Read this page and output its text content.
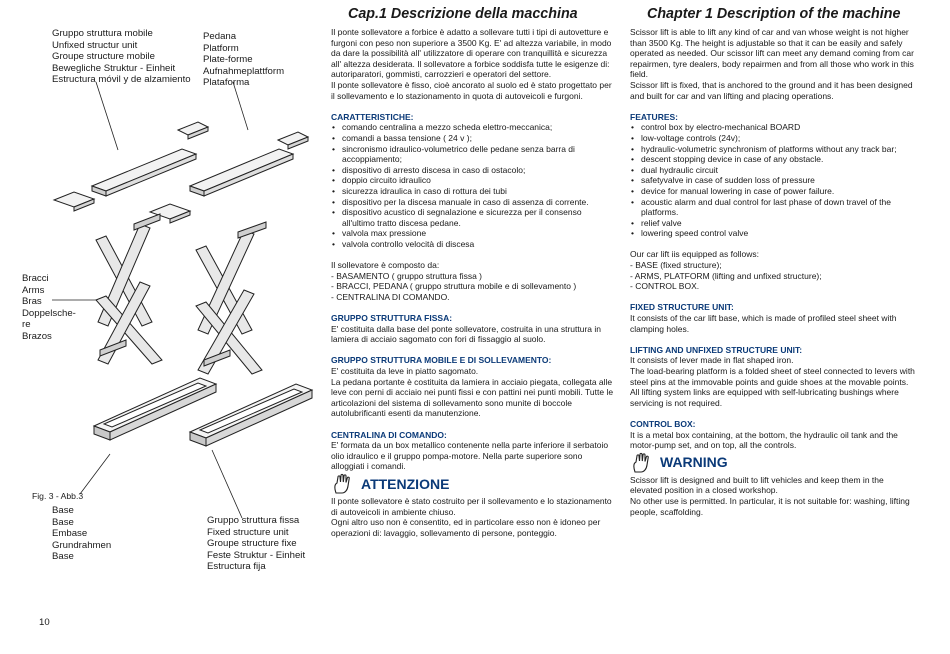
Gruppo struttura mobile
Unfixed structur unit
Groupe structure mobile
Bewegliche Struktur - Einheit
Estructura móvil y de alzamiento
Pedana
Platform
Plate-forme
Aufnahmeplattform
Plataforma
Bracci
Arms
Bras
Doppelsche-
re
Brazos
Fig. 3 - Abb.3
Base
Base
Embase
Grundrahmen
Base
Gruppo struttura fissa
Fixed structure unit
Groupe structure fixe
Feste Struktur - Einheit
Estructura fija
10
Cap.1 Descrizione della macchina

Il ponte sollevatore a forbice è adatto a sollevare tutti i tipi di autovetture e furgoni con peso non superiore a 3500 Kg. E' ad altezza variabile, in modo da dare la possibilità all' utilizzatore di operare con tranquillità e sicurezza all' altezza desiderata. Il sollevatore a forbice soddisfa tutte le esigenze di: autoriparatori, gommisti, carrozzieri e operatori del settore.

Il ponte sollevatore è fisso, cioè ancorato al suolo ed è stato progettato per il sollevamento e lo stazionamento in quota di autoveicoli e furgoni.

CARATTERISTICHE:

• comando centralina a mezzo scheda elettro-meccanica;
• comandi a bassa tensione ( 24 v );
• sincronismo idraulico-volumetrico delle pedane senza barra di accoppiamento;
• dispositivo di arresto discesa in caso di ostacolo;
• doppio circuito idraulico
• sicurezza idraulica in caso di rottura dei tubi
• dispositivo per la discesa manuale in caso di assenza di corrente.
• dispositivo acustico di segnalazione e sicurezza per il consenso all'ultimo tratto discesa pedane.
• valvola max pressione
• valvola controllo velocità di discesa

Il sollevatore è composto da:

- BASAMENTO ( gruppo struttura fissa )

- BRACCI, PEDANA ( gruppo struttura mobile e di sollevamento )

- CENTRALINA DI COMANDO.

GRUPPO STRUTTURA FISSA:

E' costituita dalla base del ponte sollevatore, costruita in una struttura in lamiera di acciaio sagomato con fori di fissaggio al suolo.

GRUPPO STRUTTURA MOBILE E DI SOLLEVAMENTO:

E' costituita da leve in piatto sagomato.

La pedana portante è costituita da lamiera in acciaio piegata, collegata alle leve con perni di acciaio nei punti fissi e con pattini nei punti mobili. Tutte le articolazioni del sistema di sollevamento sono munite di boccole autolubrificanti esenti da manutenzione.

CENTRALINA DI COMANDO:

E' formata da un box metallico contenente nella parte inferiore il serbatoio olio idraulico e il gruppo pompa-motore. Nella parte superiore sono alloggiati i comandi.

ATTENZIONE

Il ponte sollevatore è stato costruito per il sollevamento e lo stazionamento di autoveicoli in ambiente chiuso.

Ogni altro uso non è consentito, ed in particolare esso non è idoneo per operazioni di: lavaggio, sollevamento di persone, ponteggio.

Chapter 1 Description of the machine

Scissor lift is able to lift any kind of car and van whose weight is not higher than 3500 Kg. The height is adjustable so that it can be easily and safely operated as needed. Our scissor lift can meet any demand coming from car repairmen, tyre dealers, body repairmen and from all those who work in this field.

Scissor lift is fixed, that is anchored to the ground and it has been designed and built for car and van lifting and placing operations.

FEATURES:

• control box by electro-mechanical BOARD
• low-voltage controls (24v);
• hydraulic-volumetric synchronism of platforms without any track bar;
• descent stopping device in case of any obstacle.
• dual hydraulic circuit
• safetyvalve in case of sudden loss of pressure
• device for manual lowering in case of power failure.
• acoustic alarm and dual control for last phase of down travel of the platforms.
• relief valve
• lowering speed control valve

Our car lift iis equipped as follows:

- BASE (fixed structure);

- ARMS, PLATFORM (lifting and unfixed structure);

- CONTROL BOX.

FIXED STRUCTURE UNIT:

It consists of the car lift base, which is made of profiled steel sheet with clamping holes.

LIFTING AND UNFIXED STRUCTURE UNIT:

It consists of lever made in flat shaped iron.

The load-bearing platform is a folded sheet of steel connected to levers with steel pins at the immovable points and guide shoes at the movable points.

All lifting system links are equipped with self-lubricating bushings where servicing is not required.

CONTROL BOX:

It is a metal box containing, at the bottom, the hydraulic oil tank and the motor-pump set, and on top, all the controls.

WARNING

Scissor lift is designed and built to lift vehicles and keep them in the elevated position in a closed workshop.

No other use is permitted. In particular, it is not suitable for: washing, lifting people, scaffolding.
